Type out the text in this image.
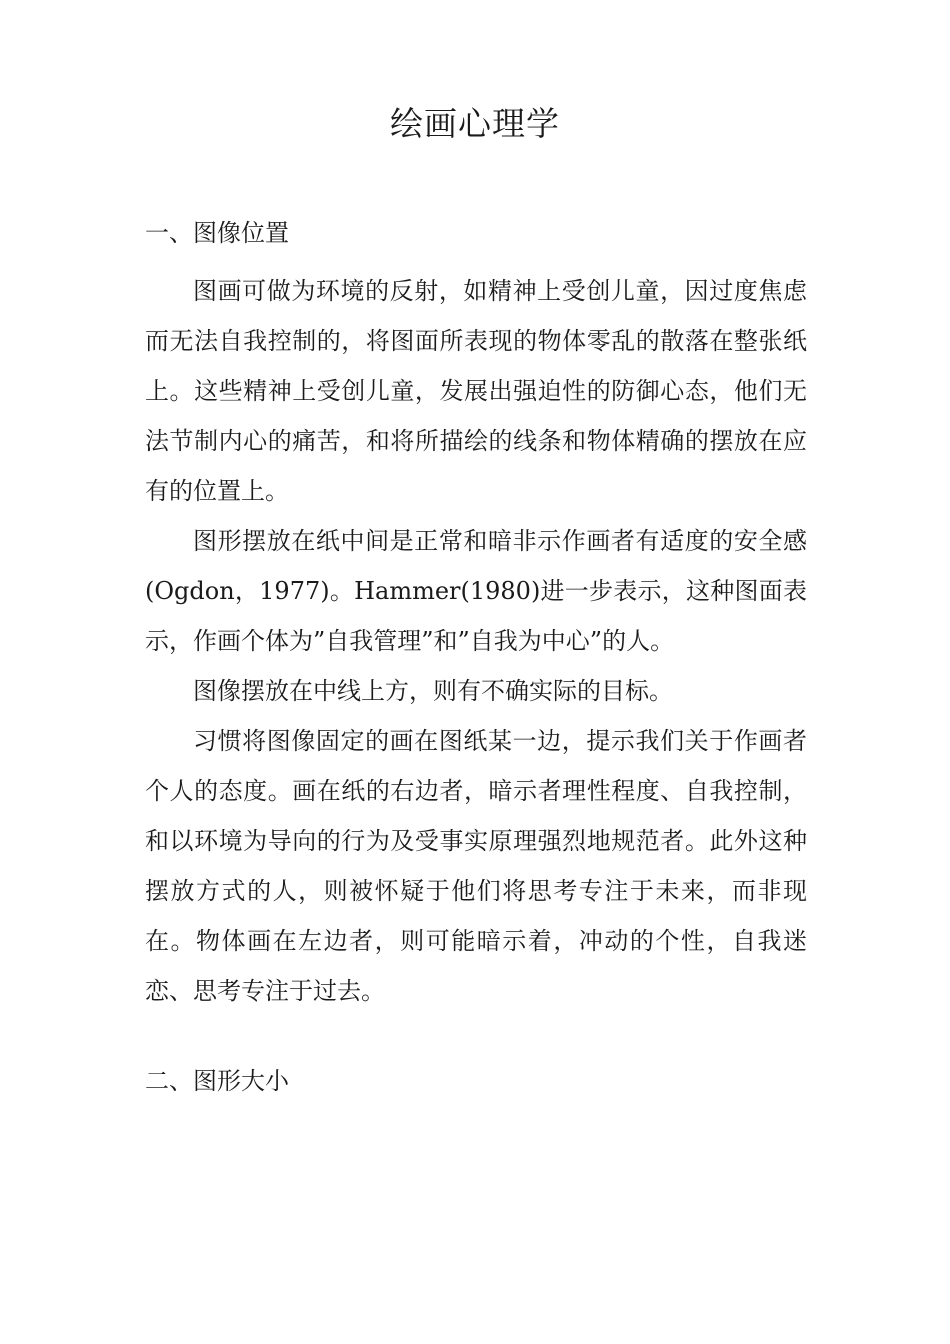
绘画心理学
一、图像位置

图画可做为环境的反射，如精神上受创儿童，因过度焦虑而无法自我控制的，将图面所表现的物体零乱的散落在整张纸上。这些精神上受创儿童，发展出强迫性的防御心态，他们无法节制内心的痛苦，和将所描绘的线条和物体精确的摆放在应有的位置上。

图形摆放在纸中间是正常和暗非示作画者有适度的安全感(Ogdon，1977)。Hammer(1980)进一步表示，这种图面表示，作画个体为”自我管理”和”自我为中心”的人。

图像摆放在中线上方，则有不确实际的目标。

习惯将图像固定的画在图纸某一边，提示我们关于作画者个人的态度。画在纸的右边者，暗示者理性程度、自我控制，和以环境为导向的行为及受事实原理强烈地规范者。此外这种摆放方式的人，则被怀疑于他们将思考专注于未来，而非现在。物体画在左边者，则可能暗示着，冲动的个性，自我迷恋、思考专注于过去。

二、图形大小
